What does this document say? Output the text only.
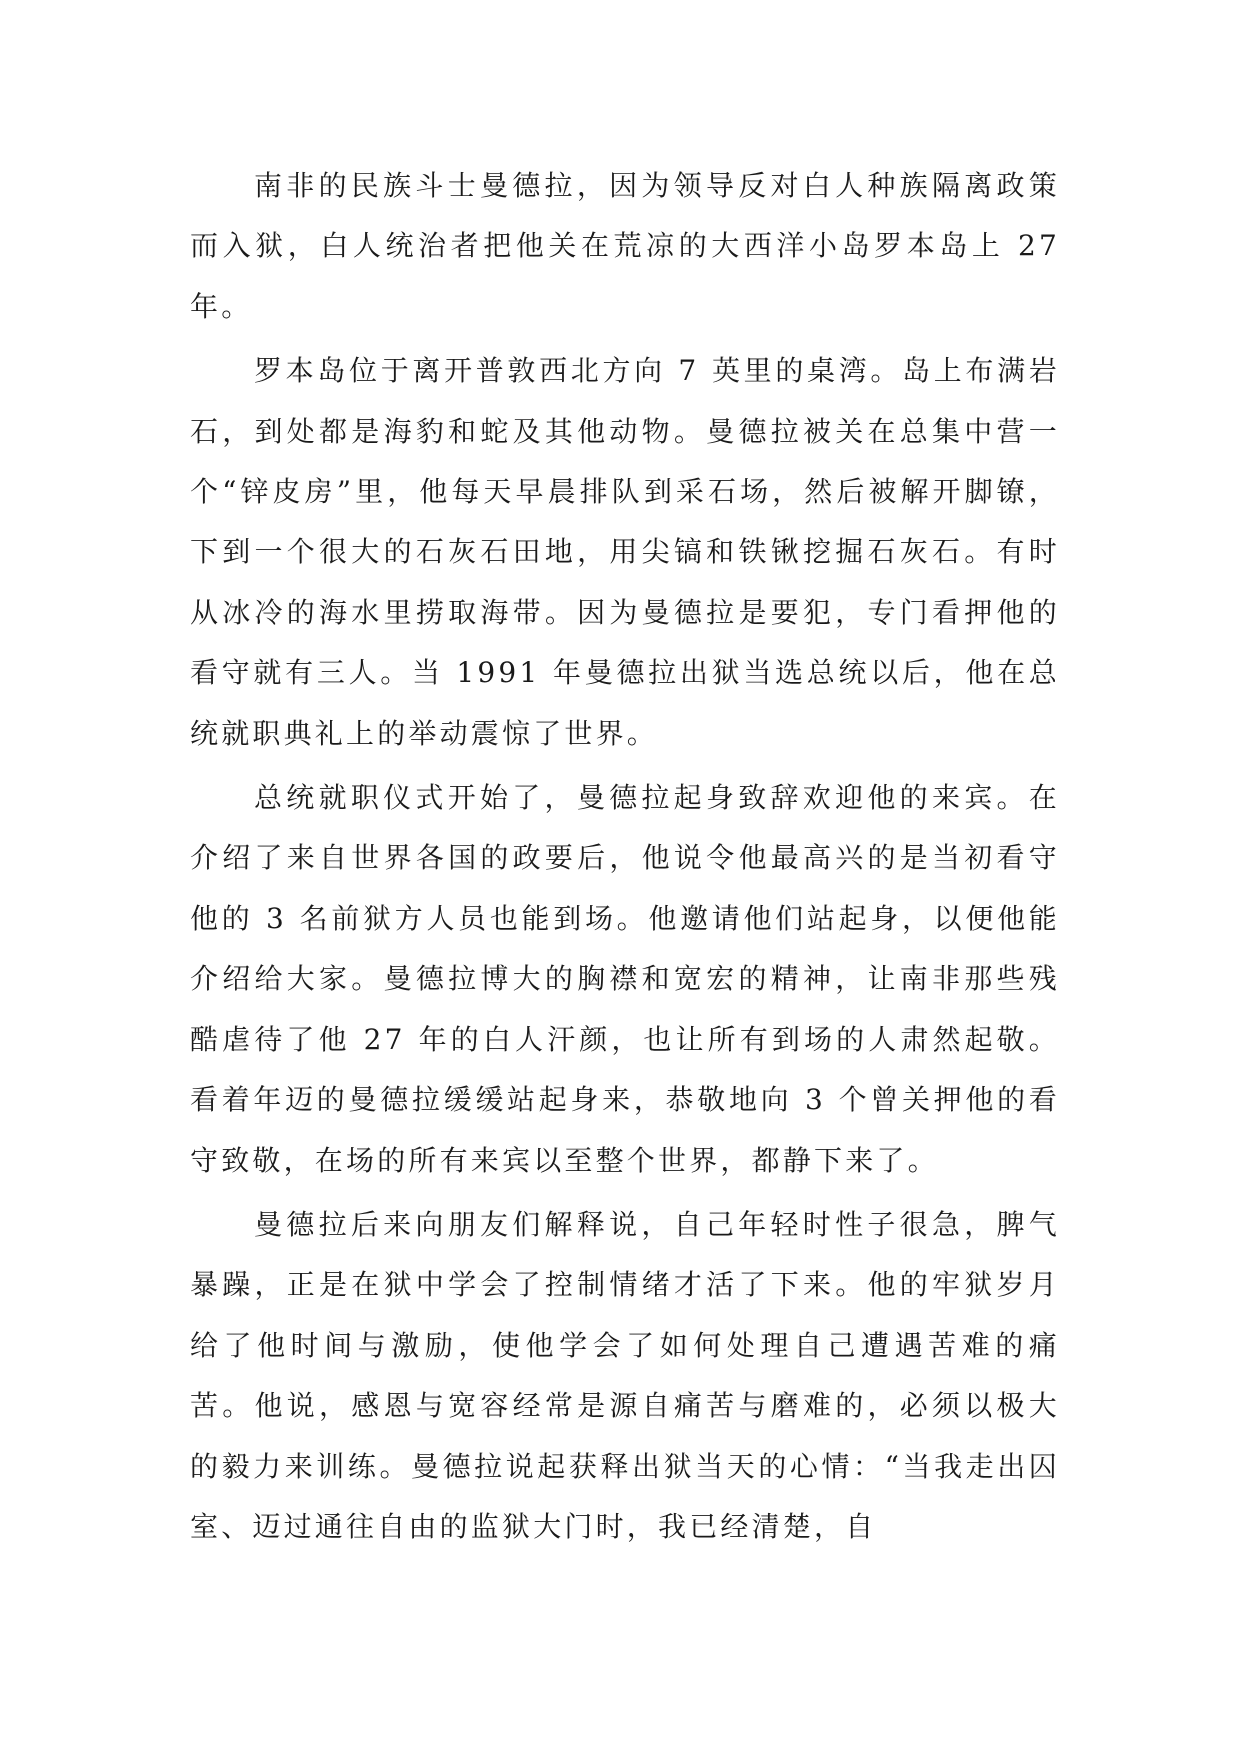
南非的民族斗士曼德拉，因为领导反对白人种族隔离政策而入狱，白人统治者把他关在荒凉的大西洋小岛罗本岛上 27 年。

罗本岛位于离开普敦西北方向 7 英里的桌湾。岛上布满岩石，到处都是海豹和蛇及其他动物。曼德拉被关在总集中营一个“锌皮房”里，他每天早晨排队到采石场，然后被解开脚镣，下到一个很大的石灰石田地，用尖镐和铁锹挖掘石灰石。有时从冰冷的海水里捞取海带。因为曼德拉是要犯，专门看押他的看守就有三人。当 1991 年曼德拉出狱当选总统以后，他在总统就职典礼上的举动震惊了世界。

总统就职仪式开始了，曼德拉起身致辞欢迎他的来宾。在介绍了来自世界各国的政要后，他说令他最高兴的是当初看守他的 3 名前狱方人员也能到场。他邀请他们站起身，以便他能介绍给大家。曼德拉博大的胸襟和宽宏的精神，让南非那些残酷虐待了他 27 年的白人汗颜，也让所有到场的人肃然起敬。看着年迈的曼德拉缓缓站起身来，恭敬地向 3 个曾关押他的看守致敬，在场的所有来宾以至整个世界，都静下来了。

曼德拉后来向朋友们解释说，自己年轻时性子很急，脾气暴躁，正是在狱中学会了控制情绪才活了下来。他的牢狱岁月给了他时间与激励，使他学会了如何处理自己遭遇苦难的痛苦。他说，感恩与宽容经常是源自痛苦与磨难的，必须以极大的毅力来训练。曼德拉说起获释出狱当天的心情：“当我走出囚室、迈过通往自由的监狱大门时，我已经清楚，自
